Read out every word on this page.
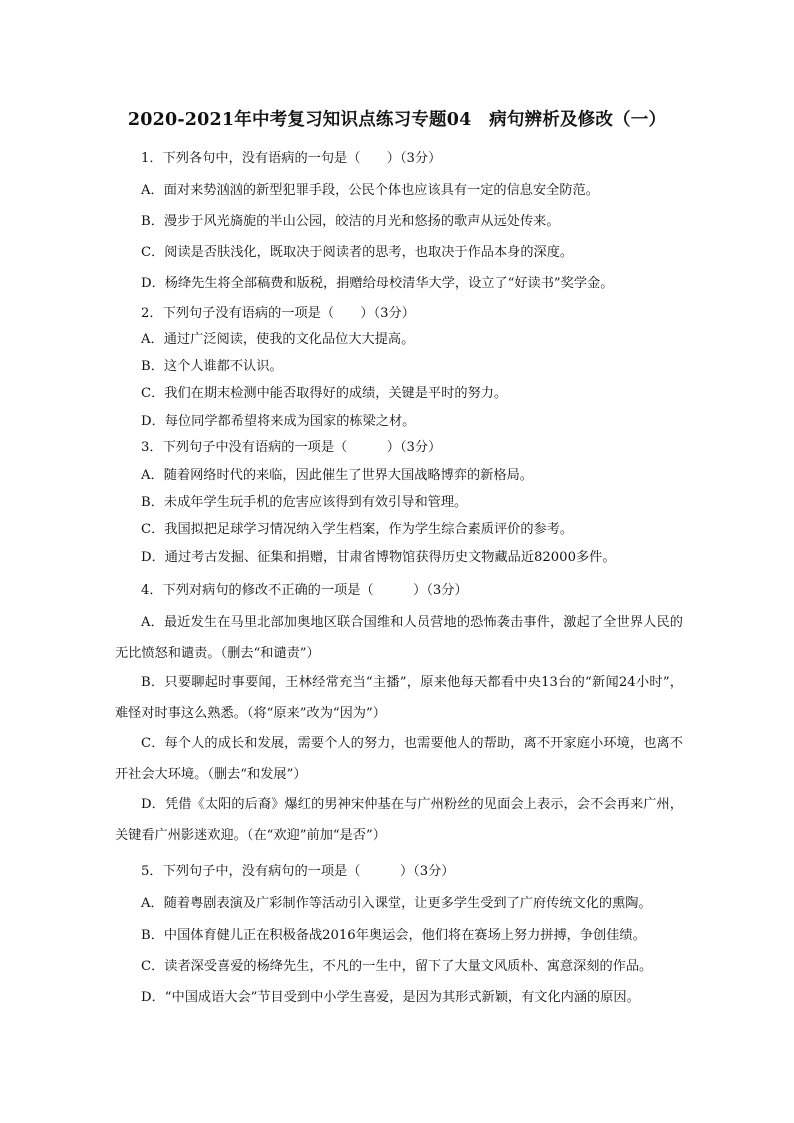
2020-2021年中考复习知识点练习专题04　病句辨析及修改（一）
1．下列各句中，没有语病的一句是（　　）（3分）
A．面对来势汹汹的新型犯罪手段，公民个体也应该具有一定的信息安全防范。
B．漫步于风光旖旎的半山公园，皎洁的月光和悠扬的歌声从远处传来。
C．阅读是否肤浅化，既取决于阅读者的思考，也取决于作品本身的深度。
D．杨绛先生将全部稿费和版税，捐赠给母校清华大学，设立了“好读书”奖学金。
2．下列句子没有语病的一项是（　　）（3分）
A．通过广泛阅读，使我的文化品位大大提高。
B．这个人谁都不认识。
C．我们在期末检测中能否取得好的成绩，关键是平时的努力。
D．每位同学都希望将来成为国家的栋梁之材。
3．下列句子中没有语病的一项是（　　　）（3分）
A．随着网络时代的来临，因此催生了世界大国战略博弈的新格局。
B．未成年学生玩手机的危害应该得到有效引导和管理。
C．我国拟把足球学习情况纳入学生档案，作为学生综合素质评价的参考。
D．通过考古发掘、征集和捐赠，甘肃省博物馆获得历史文物藏品近82000多件。
4．下列对病句的修改不正确的一项是（　　　）（3分）
A．最近发生在马里北部加奥地区联合国维和人员营地的恐怖袭击事件，激起了全世界人民的无比愤怒和谴责。（删去“和谴责”）
B．只要聊起时事要闻，王林经常充当“主播”，原来他每天都看中央13台的“新闻24小时”，难怪对时事这么熟悉。（将“原来”改为“因为”）
C．每个人的成长和发展，需要个人的努力，也需要他人的帮助，离不开家庭小环境，也离不开社会大环境。（删去“和发展”）
D．凭借《太阳的后裔》爆红的男神宋仲基在与广州粉丝的见面会上表示，会不会再来广州，关键看广州影迷欢迎。（在“欢迎”前加“是否”）
5．下列句子中，没有病句的一项是（　　　）（3分）
A．随着粤剧表演及广彩制作等活动引入课堂，让更多学生受到了广府传统文化的熏陶。
B．中国体育健儿正在积极备战2016年奥运会，他们将在赛场上努力拼搏，争创佳绩。
C．读者深受喜爱的杨绛先生，不凡的一生中，留下了大量文风质朴、寓意深刻的作品。
D．“中国成语大会”节目受到中小学生喜爱，是因为其形式新颖，有文化内涵的原因。
